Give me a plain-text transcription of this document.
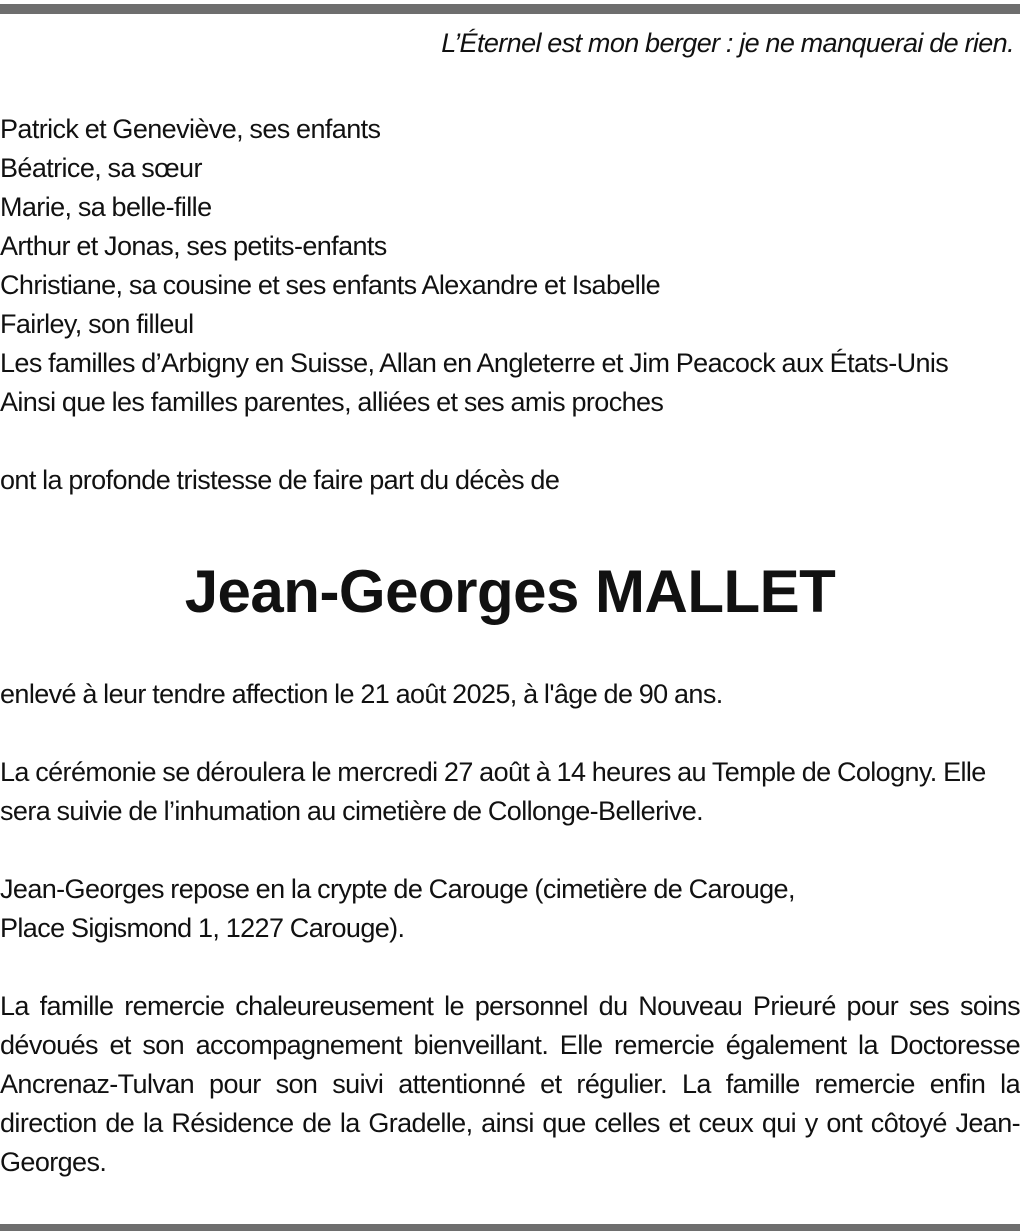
L’Éternel est mon berger : je ne manquerai de rien.

Patrick et Geneviève, ses enfants
Béatrice, sa sœur
Marie, sa belle-fille
Arthur et Jonas, ses petits-enfants
Christiane, sa cousine et ses enfants Alexandre et Isabelle
Fairley, son filleul
Les familles d’Arbigny en Suisse, Allan en Angleterre et Jim Peacock aux États-Unis
Ainsi que les familles parentes, alliées et ses amis proches

ont la profonde tristesse de faire part du décès de

Jean-Georges MALLET

enlevé à leur tendre affection le 21 août 2025, à l'âge de 90 ans.

La cérémonie se déroulera le mercredi 27 août à 14 heures au Temple de Cologny. Elle sera suivie de l’inhumation au cimetière de Collonge-Bellerive.

Jean-Georges repose en la crypte de Carouge (cimetière de Carouge,
Place Sigismond 1, 1227 Carouge).

La famille remercie chaleureusement le personnel du Nouveau Prieuré pour ses soins dévoués et son accompagnement bienveillant. Elle remercie également la Doctoresse Ancrenaz-Tulvan pour son suivi attentionné et régulier. La famille remercie enfin la direction de la Résidence de la Gradelle, ainsi que celles et ceux qui y ont côtoyé Jean-Georges.
